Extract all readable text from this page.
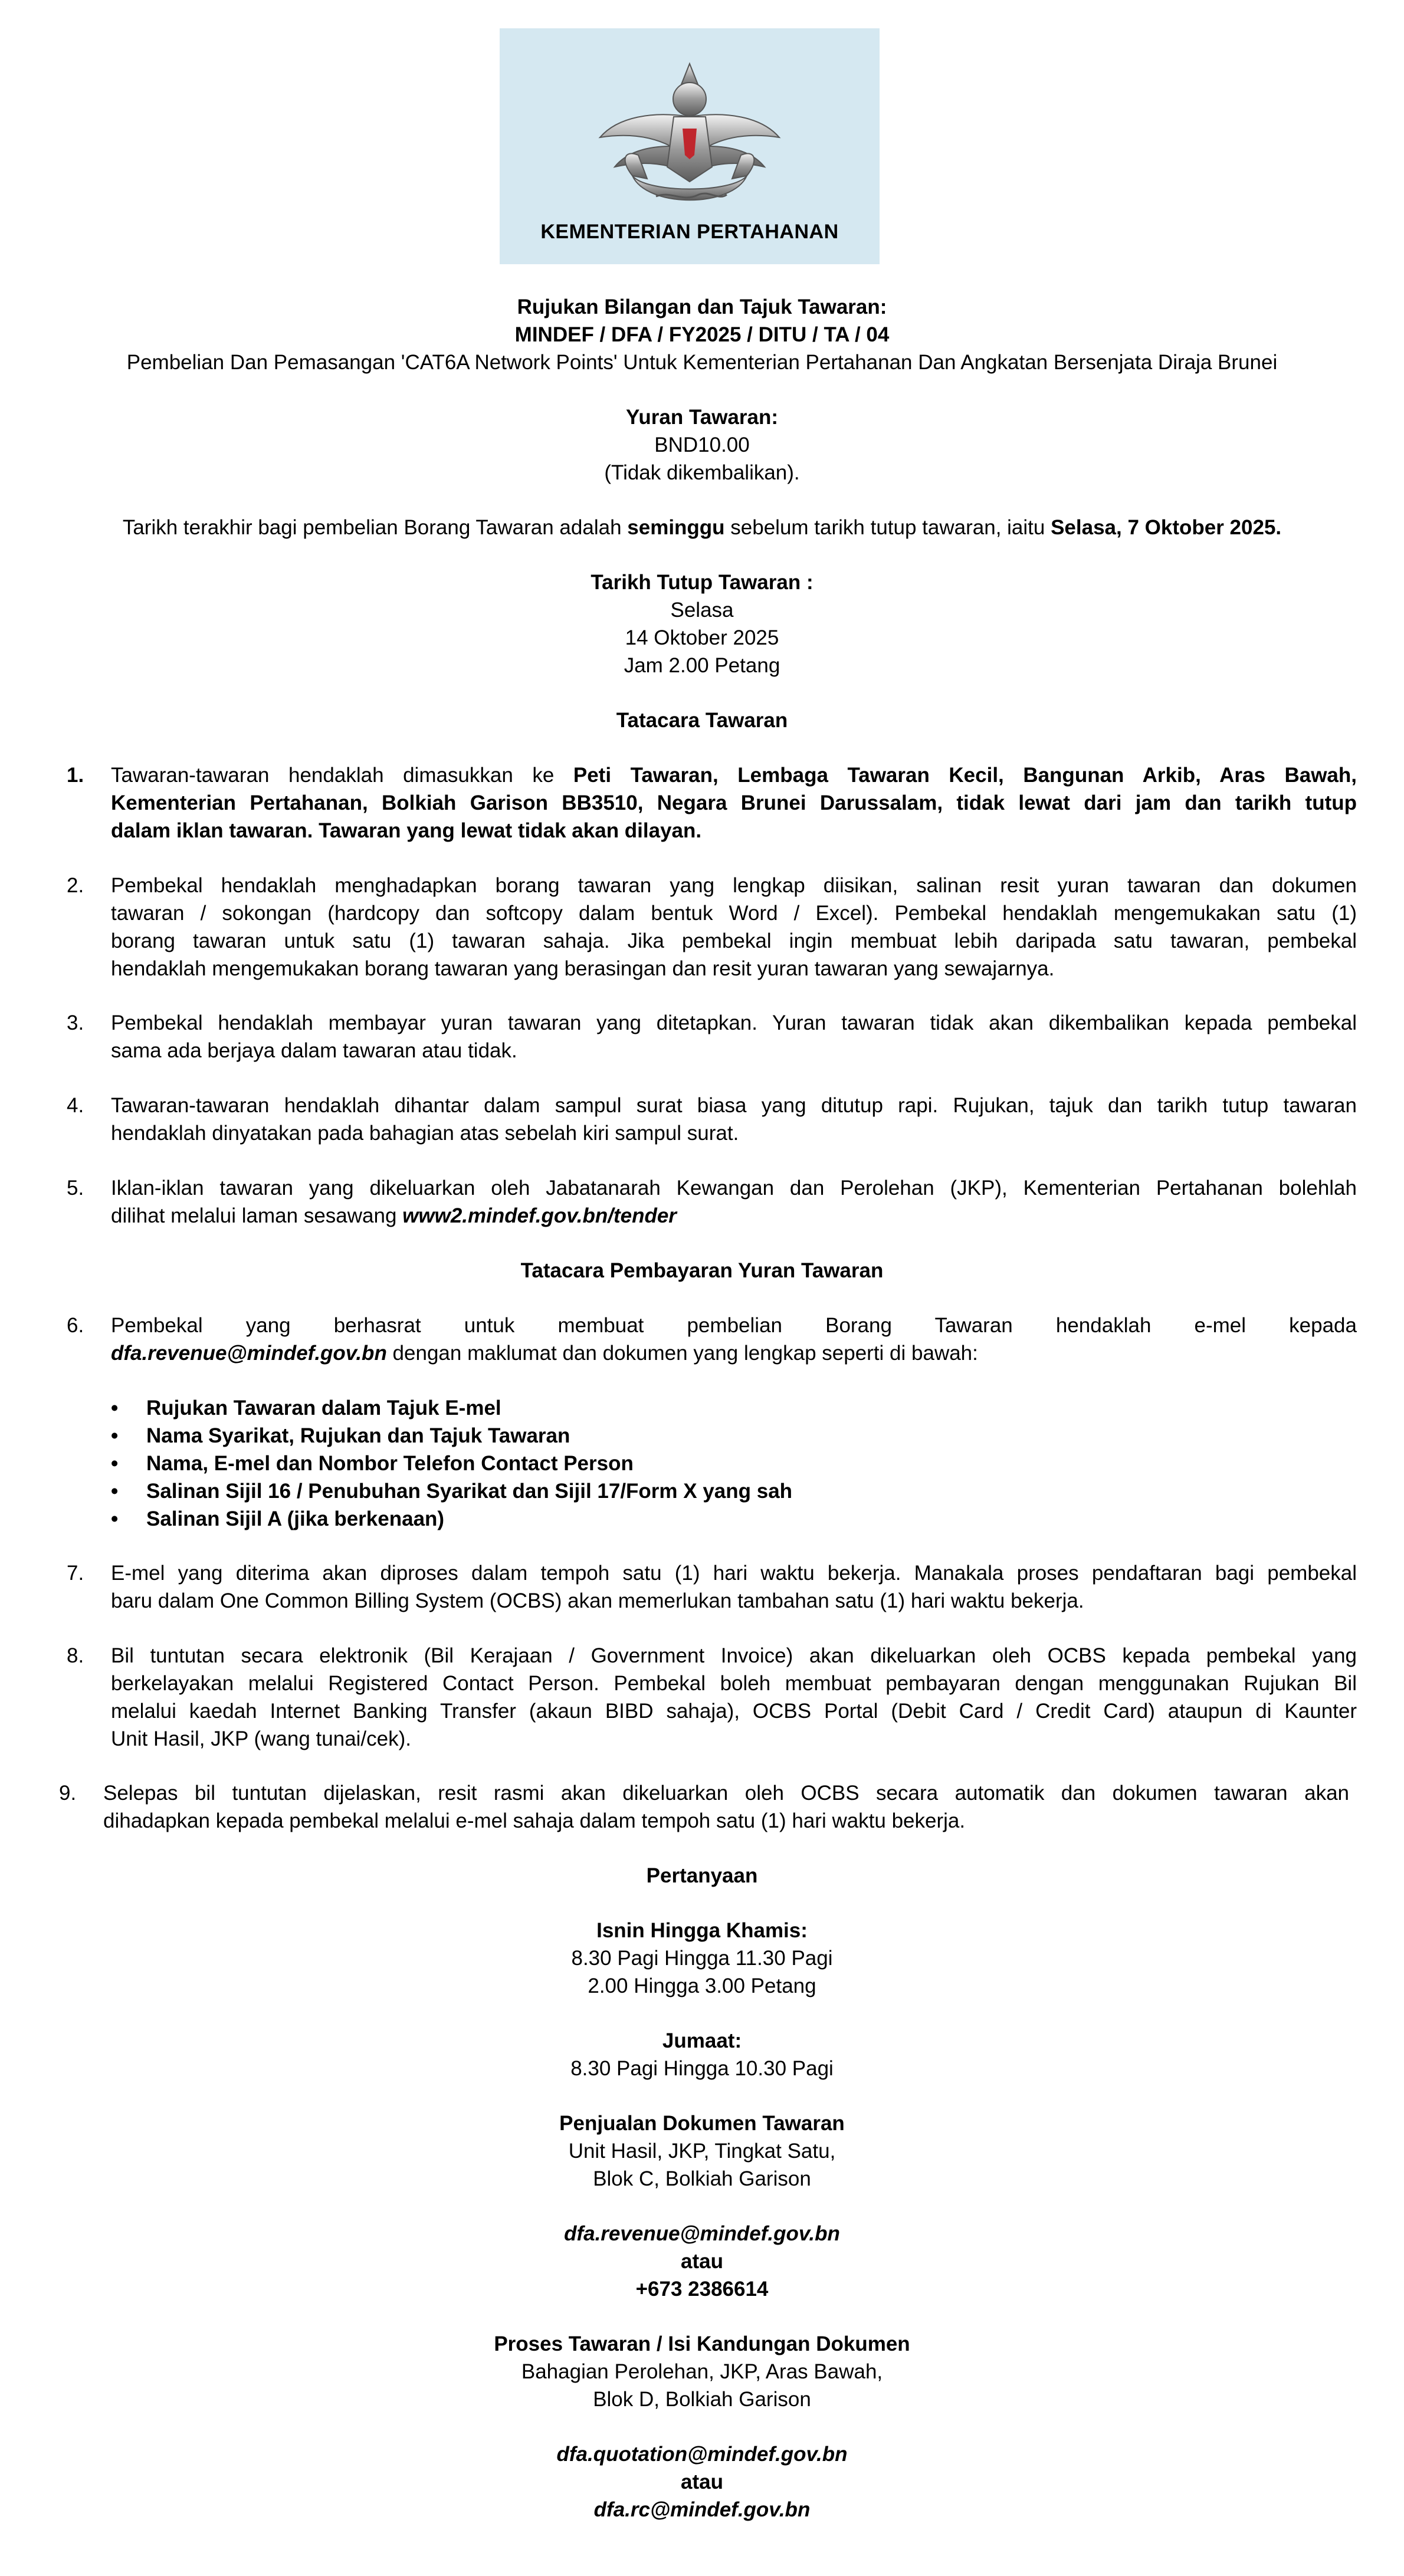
KEMENTERIAN PERTAHANAN
Rujukan Bilangan dan Tajuk Tawaran:
MINDEF / DFA / FY2025 / DITU / TA / 04
Pembelian Dan Pemasangan 'CAT6A Network Points' Untuk Kementerian Pertahanan Dan Angkatan Bersenjata Diraja Brunei
Yuran Tawaran:
BND10.00
(Tidak dikembalikan).
Tarikh terakhir bagi pembelian Borang Tawaran adalah seminggu sebelum tarikh tutup tawaran, iaitu Selasa, 7 Oktober 2025.
Tarikh Tutup Tawaran :
Selasa
14 Oktober 2025
Jam 2.00 Petang
Tatacara Tawaran
1.	Tawaran-tawaran hendaklah dimasukkan ke Peti Tawaran, Lembaga Tawaran Kecil, Bangunan Arkib, Aras Bawah,
Kementerian Pertahanan, Bolkiah Garison BB3510, Negara Brunei Darussalam, tidak lewat dari jam dan tarikh tutup
dalam iklan tawaran. Tawaran yang lewat tidak akan dilayan.
2.	Pembekal hendaklah menghadapkan borang tawaran yang lengkap diisikan, salinan resit yuran tawaran dan dokumen
tawaran / sokongan (hardcopy dan softcopy dalam bentuk Word / Excel). Pembekal hendaklah mengemukakan satu (1)
borang tawaran untuk satu (1) tawaran sahaja. Jika pembekal ingin membuat lebih daripada satu tawaran, pembekal
hendaklah mengemukakan borang tawaran yang berasingan dan resit yuran tawaran yang sewajarnya.
3.	Pembekal hendaklah membayar yuran tawaran yang ditetapkan. Yuran tawaran tidak akan dikembalikan kepada pembekal
sama ada berjaya dalam tawaran atau tidak.
4.	Tawaran-tawaran hendaklah dihantar dalam sampul surat biasa yang ditutup rapi. Rujukan, tajuk dan tarikh tutup tawaran
hendaklah dinyatakan pada bahagian atas sebelah kiri sampul surat.
5.	Iklan-iklan tawaran yang dikeluarkan oleh Jabatanarah Kewangan dan Perolehan (JKP), Kementerian Pertahanan bolehlah
dilihat melalui laman sesawang www2.mindef.gov.bn/tender
Tatacara Pembayaran Yuran Tawaran
6.	Pembekal yang berhasrat untuk membuat pembelian Borang Tawaran hendaklah e-mel kepada
dfa.revenue@mindef.gov.bn dengan maklumat dan dokumen yang lengkap seperti di bawah:
• Rujukan Tawaran dalam Tajuk E-mel
• Nama Syarikat, Rujukan dan Tajuk Tawaran
• Nama, E-mel dan Nombor Telefon Contact Person
• Salinan Sijil 16 / Penubuhan Syarikat dan Sijil 17/Form X yang sah
• Salinan Sijil A (jika berkenaan)
7.	E-mel yang diterima akan diproses dalam tempoh satu (1) hari waktu bekerja. Manakala proses pendaftaran bagi pembekal
baru dalam One Common Billing System (OCBS) akan memerlukan tambahan satu (1) hari waktu bekerja.
8.	Bil tuntutan secara elektronik (Bil Kerajaan / Government Invoice) akan dikeluarkan oleh OCBS kepada pembekal yang
berkelayakan melalui Registered Contact Person. Pembekal boleh membuat pembayaran dengan menggunakan Rujukan Bil
melalui kaedah Internet Banking Transfer (akaun BIBD sahaja), OCBS Portal (Debit Card / Credit Card) ataupun di Kaunter
Unit Hasil, JKP (wang tunai/cek).
9.	Selepas bil tuntutan dijelaskan, resit rasmi akan dikeluarkan oleh OCBS secara automatik dan dokumen tawaran akan
dihadapkan kepada pembekal melalui e-mel sahaja dalam tempoh satu (1) hari waktu bekerja.
Pertanyaan
Isnin Hingga Khamis:
8.30 Pagi Hingga 11.30 Pagi
2.00 Hingga 3.00 Petang
Jumaat:
8.30 Pagi Hingga 10.30 Pagi
Penjualan Dokumen Tawaran
Unit Hasil, JKP, Tingkat Satu,
Blok C, Bolkiah Garison
dfa.revenue@mindef.gov.bn
atau
+673 2386614
Proses Tawaran / Isi Kandungan Dokumen
Bahagian Perolehan, JKP, Aras Bawah,
Blok D, Bolkiah Garison
dfa.quotation@mindef.gov.bn
atau
dfa.rc@mindef.gov.bn
